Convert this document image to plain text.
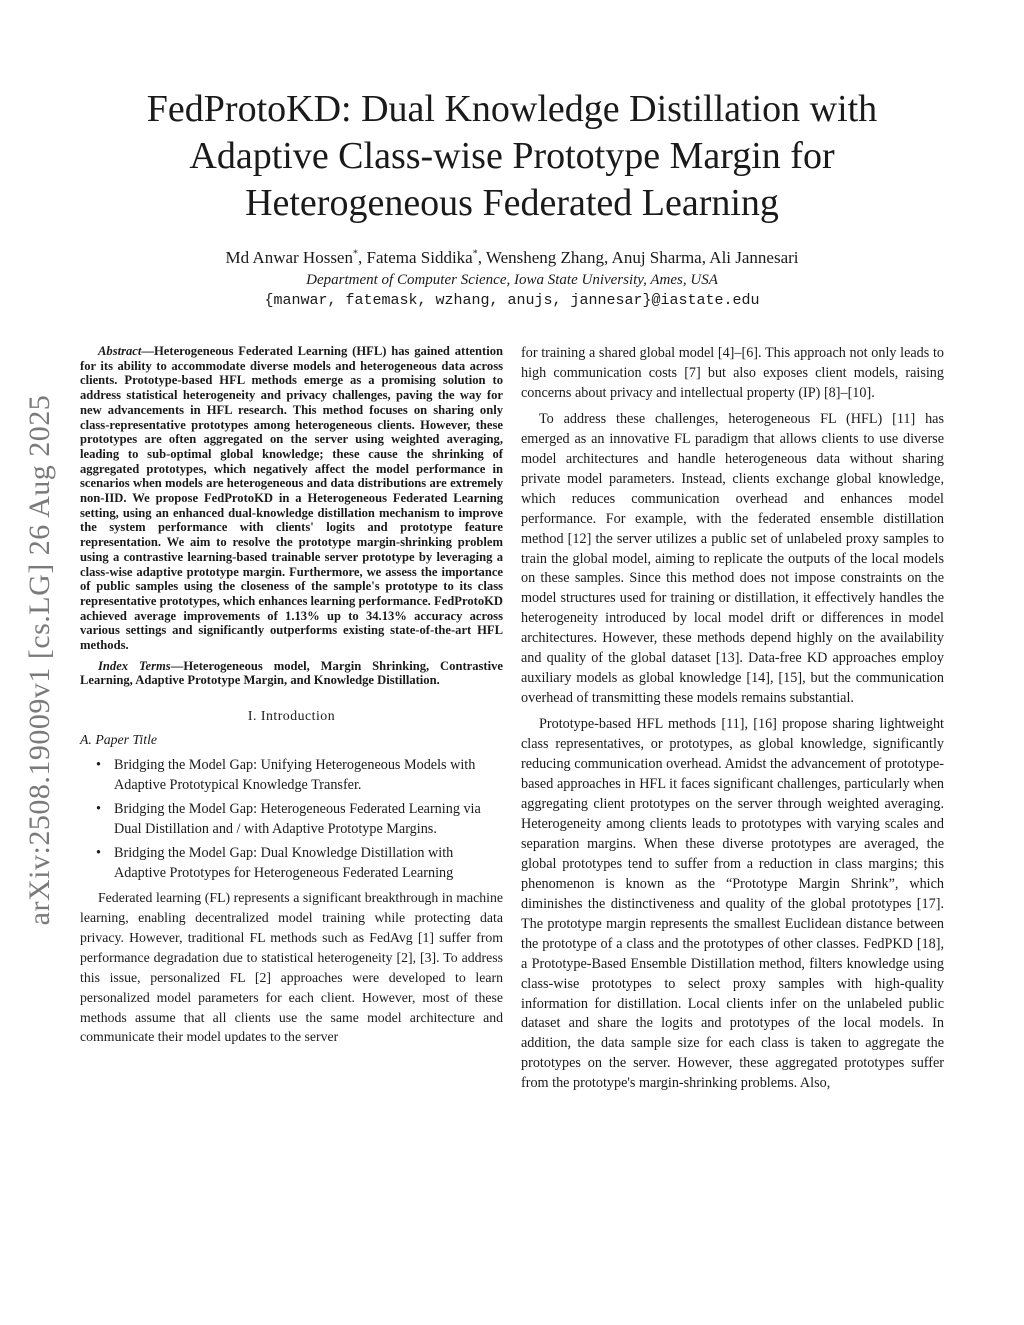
arXiv:2508.19009v1 [cs.LG] 26 Aug 2025
FedProtoKD: Dual Knowledge Distillation with
Adaptive Class-wise Prototype Margin for
Heterogeneous Federated Learning
Md Anwar Hossen*, Fatema Siddika*, Wensheng Zhang, Anuj Sharma, Ali Jannesari
Department of Computer Science, Iowa State University, Ames, USA
{manwar, fatemask, wzhang, anujs, jannesar}@iastate.edu

Abstract—Heterogeneous Federated Learning (HFL) has gained attention for its ability to accommodate diverse models and heterogeneous data across clients. Prototype-based HFL methods emerge as a promising solution to address statistical heterogeneity and privacy challenges, paving the way for new advancements in HFL research. This method focuses on sharing only class-representative prototypes among heterogeneous clients. However, these prototypes are often aggregated on the server using weighted averaging, leading to sub-optimal global knowledge; these cause the shrinking of aggregated prototypes, which negatively affect the model performance in scenarios when models are heterogeneous and data distributions are extremely non-IID. We propose FedProtoKD in a Heterogeneous Federated Learning setting, using an enhanced dual-knowledge distillation mechanism to improve the system performance with clients' logits and prototype feature representation. We aim to resolve the prototype margin-shrinking problem using a contrastive learning-based trainable server prototype by leveraging a class-wise adaptive prototype margin. Furthermore, we assess the importance of public samples using the closeness of the sample's prototype to its class representative prototypes, which enhances learning performance. FedProtoKD achieved average improvements of 1.13% up to 34.13% accuracy across various settings and significantly outperforms existing state-of-the-art HFL methods.

Index Terms—Heterogeneous model, Margin Shrinking, Contrastive Learning, Adaptive Prototype Margin, and Knowledge Distillation.

I. Introduction
A. Paper Title
• Bridging the Model Gap: Unifying Heterogeneous Models with Adaptive Prototypical Knowledge Transfer.
• Bridging the Model Gap: Heterogeneous Federated Learning via Dual Distillation and / with Adaptive Prototype Margins.
• Bridging the Model Gap: Dual Knowledge Distillation with Adaptive Prototypes for Heterogeneous Federated Learning

Federated learning (FL) represents a significant breakthrough in machine learning, enabling decentralized model training while protecting data privacy. However, traditional FL methods such as FedAvg [1] suffer from performance degradation due to statistical heterogeneity [2], [3]. To address this issue, personalized FL [2] approaches were developed to learn personalized model parameters for each client. However, most of these methods assume that all clients use the same model architecture and communicate their model updates to the server

for training a shared global model [4]–[6]. This approach not only leads to high communication costs [7] but also exposes client models, raising concerns about privacy and intellectual property (IP) [8]–[10].

To address these challenges, heterogeneous FL (HFL) [11] has emerged as an innovative FL paradigm that allows clients to use diverse model architectures and handle heterogeneous data without sharing private model parameters. Instead, clients exchange global knowledge, which reduces communication overhead and enhances model performance. For example, with the federated ensemble distillation method [12] the server utilizes a public set of unlabeled proxy samples to train the global model, aiming to replicate the outputs of the local models on these samples. Since this method does not impose constraints on the model structures used for training or distillation, it effectively handles the heterogeneity introduced by local model drift or differences in model architectures. However, these methods depend highly on the availability and quality of the global dataset [13]. Data-free KD approaches employ auxiliary models as global knowledge [14], [15], but the communication overhead of transmitting these models remains substantial.

Prototype-based HFL methods [11], [16] propose sharing lightweight class representatives, or prototypes, as global knowledge, significantly reducing communication overhead. Amidst the advancement of prototype-based approaches in HFL it faces significant challenges, particularly when aggregating client prototypes on the server through weighted averaging. Heterogeneity among clients leads to prototypes with varying scales and separation margins. When these diverse prototypes are averaged, the global prototypes tend to suffer from a reduction in class margins; this phenomenon is known as the “Prototype Margin Shrink”, which diminishes the distinctiveness and quality of the global prototypes [17]. The prototype margin represents the smallest Euclidean distance between the prototype of a class and the prototypes of other classes. FedPKD [18], a Prototype-Based Ensemble Distillation method, filters knowledge using class-wise prototypes to select proxy samples with high-quality information for distillation. Local clients infer on the unlabeled public dataset and share the logits and prototypes of the local models. In addition, the data sample size for each class is taken to aggregate the prototypes on the server. However, these aggregated prototypes suffer from the prototype's margin-shrinking problems. Also,
